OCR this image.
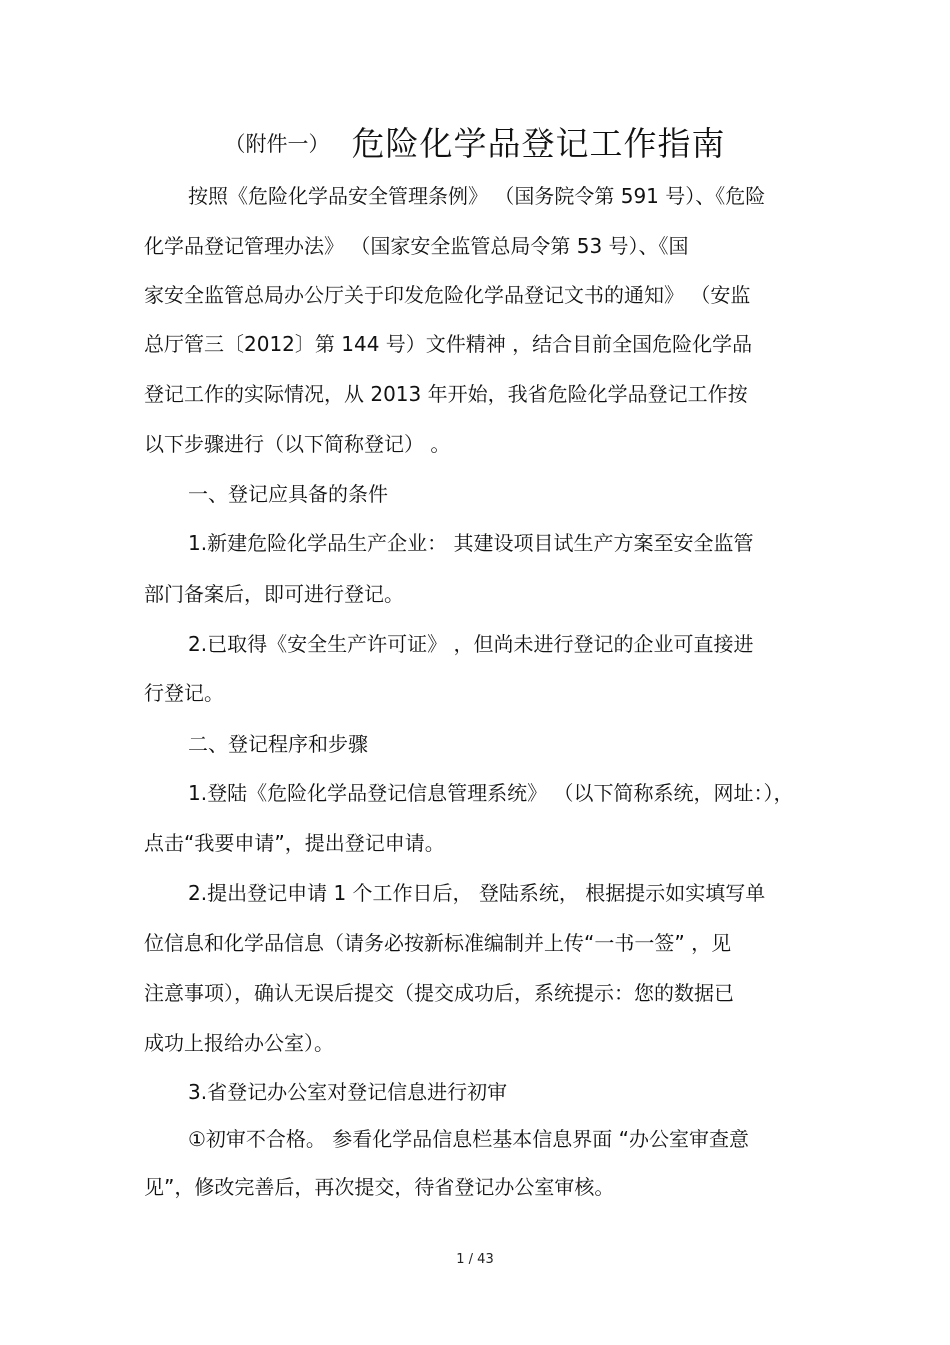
（附件一） 危险化学品登记工作指南
按照《危险化学品安全管理条例》 （国务院令第 591 号）、《危险
化学品登记管理办法》 （国家安全监管总局令第 53 号）、《国
家安全监管总局办公厅关于印发危险化学品登记文书的通知》 （安监
总厅管三〔2012〕第 144 号）文件精神 ，结合目前全国危险化学品
登记工作的实际情况，从 2013 年开始，我省危险化学品登记工作按
以下步骤进行（以下简称登记） 。
一、登记应具备的条件
1.新建危险化学品生产企业： 其建设项目试生产方案至安全监管
部门备案后，即可进行登记。
2.已取得《安全生产许可证》 ，但尚未进行登记的企业可直接进
行登记。
二、登记程序和步骤
1.登陆《危险化学品登记信息管理系统》 （以下简称系统，网址：），
点击“我要申请”，提出登记申请。
2.提出登记申请 1 个工作日后， 登陆系统， 根据提示如实填写单
位信息和化学品信息（请务必按新标准编制并上传“一书一签” ，见
注意事项），确认无误后提交（提交成功后，系统提示：您的数据已
成功上报给办公室）。
3.省登记办公室对登记信息进行初审
①初审不合格。 参看化学品信息栏基本信息界面 “办公室审查意
见”，修改完善后，再次提交，待省登记办公室审核。
1 / 43
